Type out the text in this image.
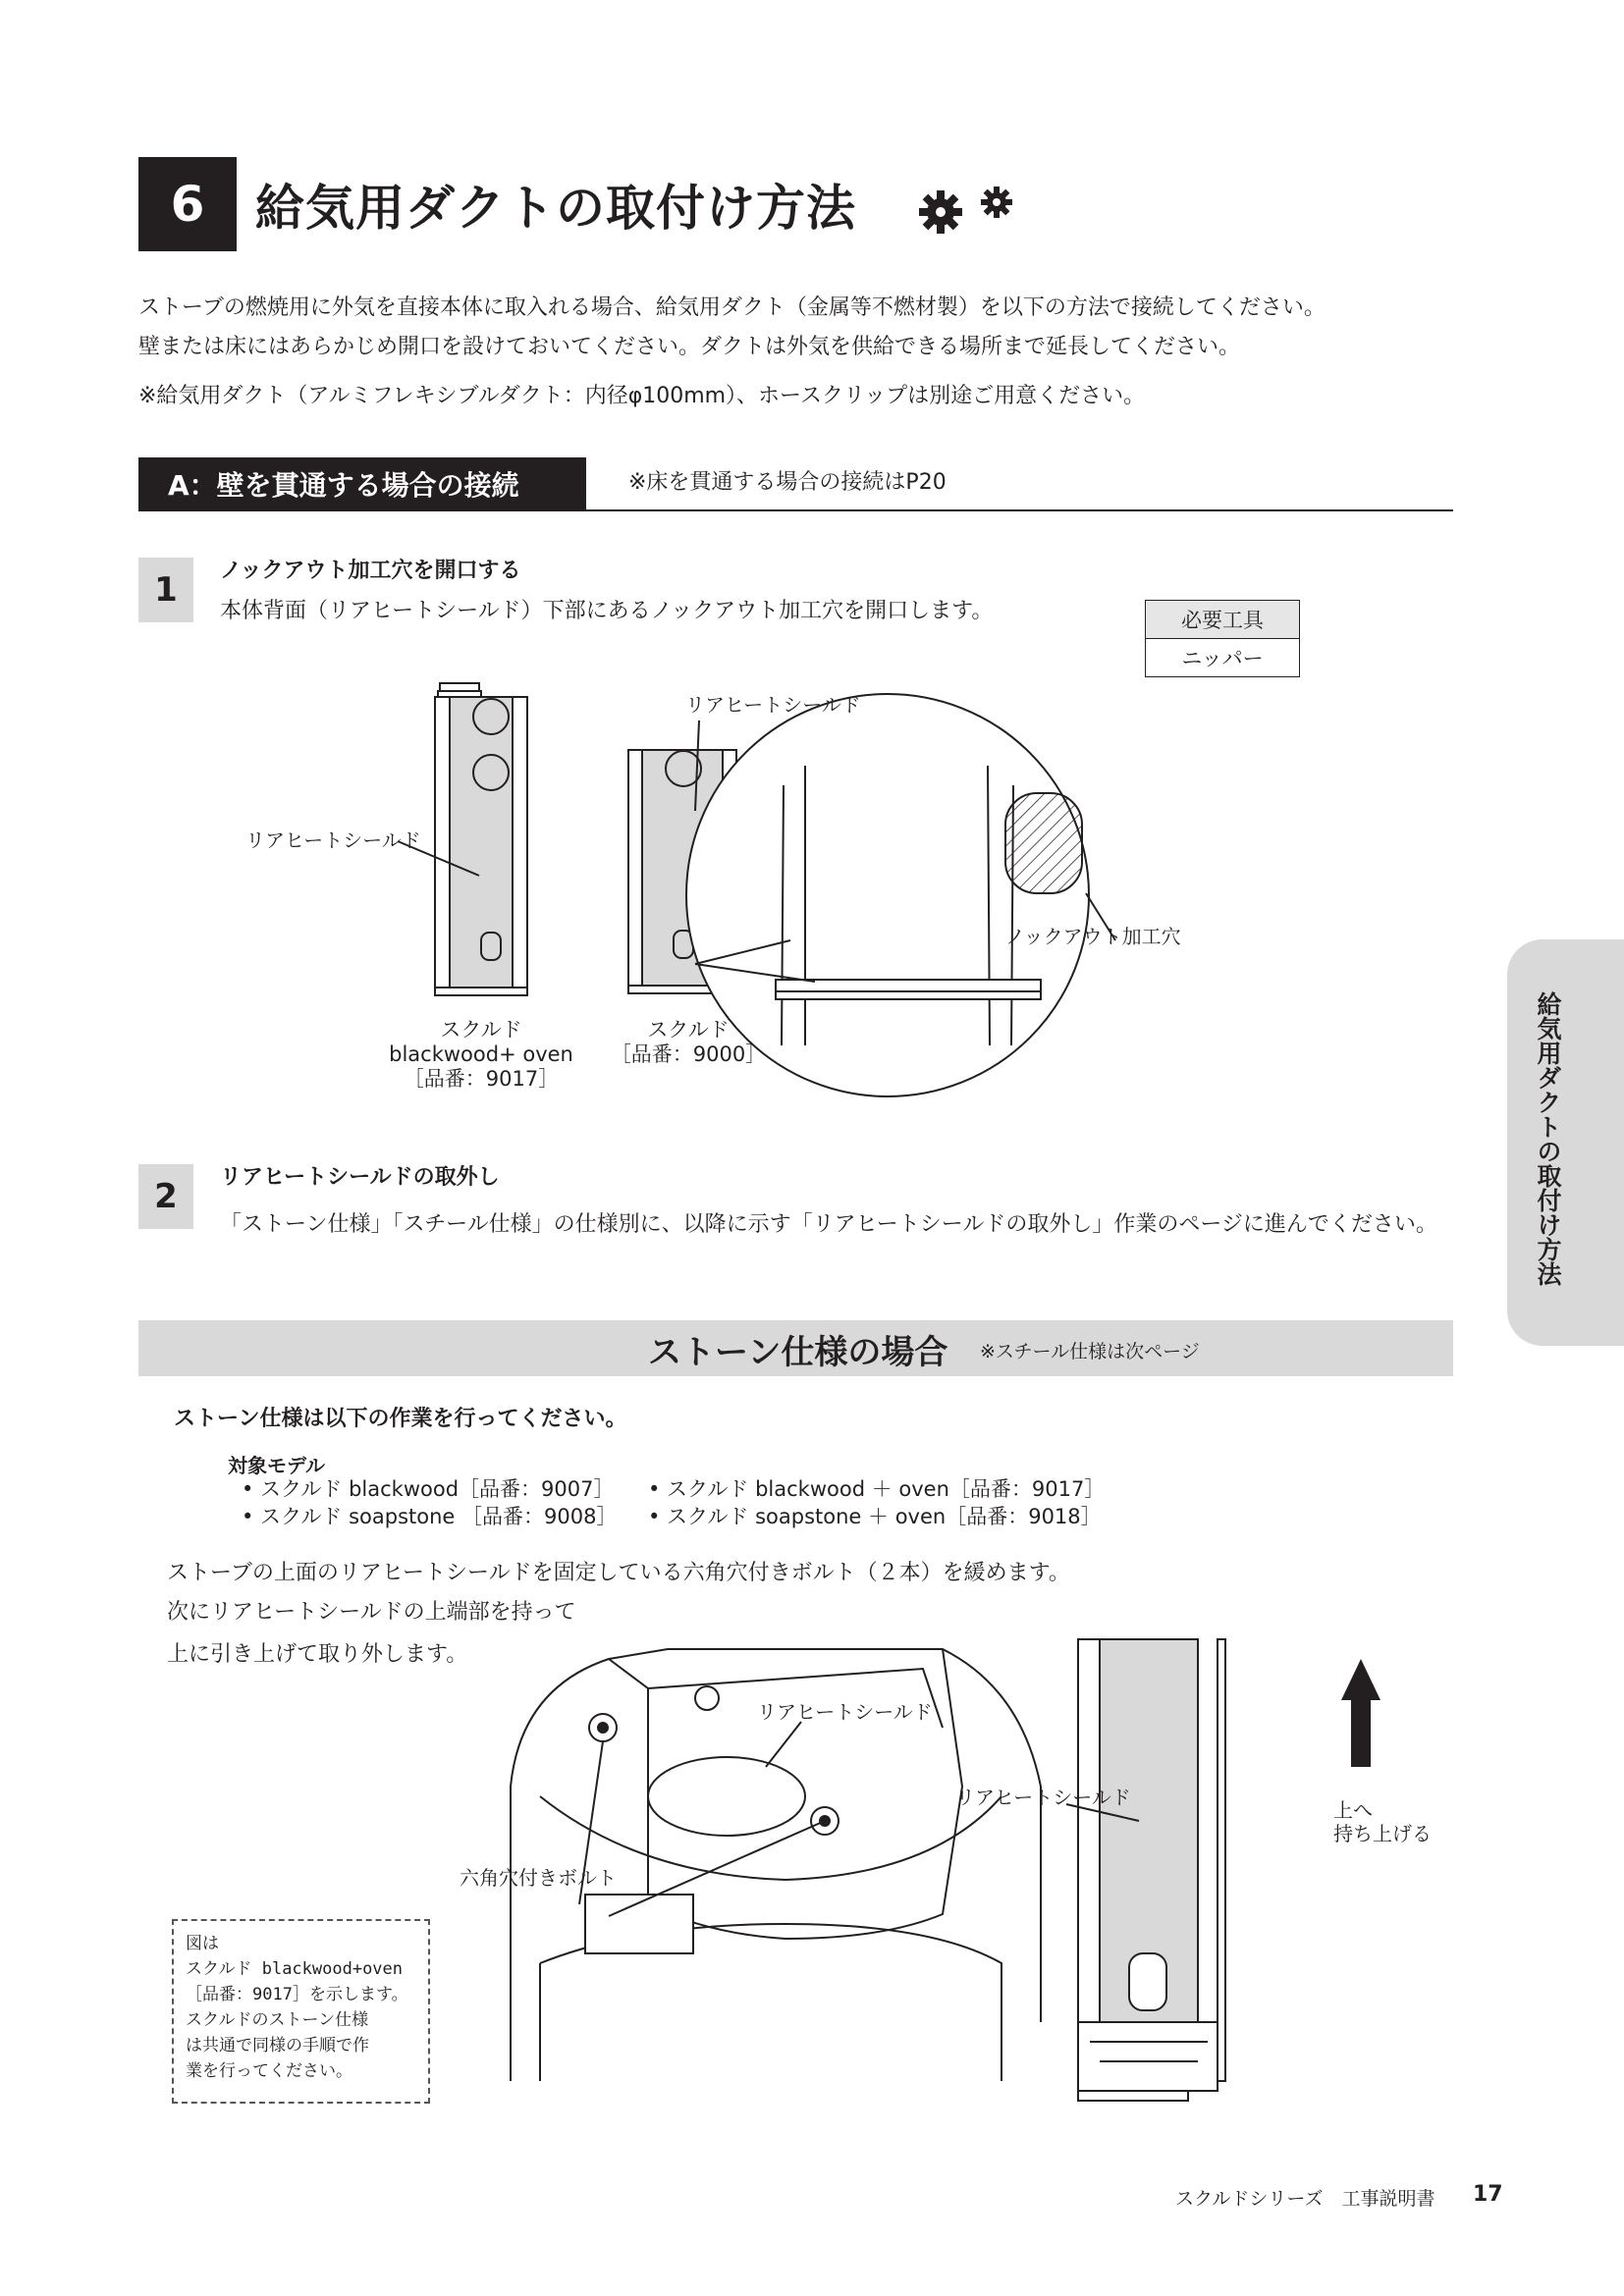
6	給気用ダクトの取付け方法
ストーブの燃焼用に外気を直接本体に取入れる場合、給気用ダクト（金属等不燃材製）を以下の方法で接続してください。
壁または床にはあらかじめ開口を設けておいてください。ダクトは外気を供給できる場所まで延長してください。
※給気用ダクト（アルミフレキシブルダクト：内径φ100mm）、ホースクリップは別途ご用意ください。
A：壁を貫通する場合の接続	※床を貫通する場合の接続はP20
1	ノックアウト加工穴を開口する
本体背面（リアヒートシールド）下部にあるノックアウト加工穴を開口します。	必要工具
ニッパー
リアヒートシールド
リアヒートシールド
ノックアウト加工穴
スクルド
blackwood+ oven
［品番：9017］
スクルド
［品番：9000］
2	リアヒートシールドの取外し
「ストーン仕様」「スチール仕様」の仕様別に、以降に示す「リアヒートシールドの取外し」作業のページに進んでください。	給気用ダクトの取付け方法
ストーン仕様の場合 ※スチール仕様は次ページ
ストーン仕様は以下の作業を行ってください。
対象モデル
• スクルド blackwood［品番：9007］
• スクルド soapstone ［品番：9008］
• スクルド blackwood ＋ oven［品番：9017］
• スクルド soapstone ＋ oven［品番：9018］
ストーブの上面のリアヒートシールドを固定している六角穴付きボルト（２本）を緩めます。
次にリアヒートシールドの上端部を持って
上に引き上げて取り外します。
リアヒートシールド
六角穴付きボルト
リアヒートシールド
上へ
持ち上げる
図は
スクルド blackwood+oven
［品番：9017］を示します。
スクルドのストーン仕様
は共通で同様の手順で作
業を行ってください。
スクルドシリーズ　工事説明書 17
